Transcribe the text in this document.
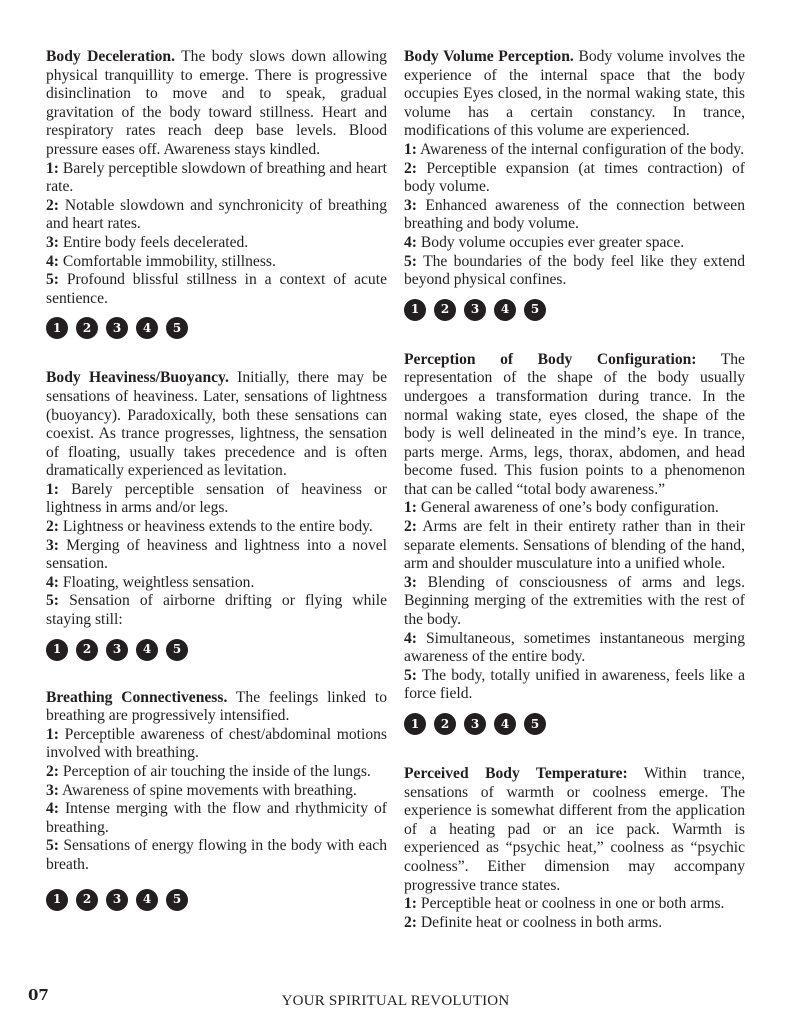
Body Deceleration. The body slows down allowing physical tranquillity to emerge. There is progressive disinclination to move and to speak, gradual gravitation of the body toward stillness. Heart and respiratory rates reach deep base levels. Blood pressure eases off. Awareness stays kindled.

1: Barely perceptible slowdown of breathing and heart rate.

2: Notable slowdown and synchronicity of breathing and heart rates.

3: Entire body feels decelerated.

4: Comfortable immobility, stillness.

5: Profound blissful stillness in a context of acute sentience.

1	2	3	4	5

Body Heaviness/Buoyancy. Initially, there may be sensations of heaviness. Later, sensations of lightness (buoyancy). Paradoxically, both these sensations can coexist. As trance progresses, lightness, the sensation of floating, usually takes precedence and is often dramatically experienced as levitation.

1: Barely perceptible sensation of heaviness or lightness in arms and/or legs.

2: Lightness or heaviness extends to the entire body.

3: Merging of heaviness and lightness into a novel sensation.

4: Floating, weightless sensation.

5: Sensation of airborne drifting or flying while staying still:

1	2	3	4	5

Breathing Connectiveness. The feelings linked to breathing are progressively intensified.

1: Perceptible awareness of chest/abdominal motions involved with breathing.

2: Perception of air touching the inside of the lungs.

3: Awareness of spine movements with breathing.

4: Intense merging with the flow and rhythmicity of breathing.

5: Sensations of energy flowing in the body with each breath.

1	2	3	4	5

Body Volume Perception. Body volume involves the experience of the internal space that the body occupies Eyes closed, in the normal waking state, this volume has a certain constancy. In trance, modifications of this volume are experienced.

1: Awareness of the internal configuration of the body.

2: Perceptible expansion (at times contraction) of body volume.

3: Enhanced awareness of the connection between breathing and body volume.

4: Body volume occupies ever greater space.

5: The boundaries of the body feel like they extend beyond physical confines.

1	2	3	4	5

Perception of Body Configuration: The representation of the shape of the body usually undergoes a transformation during trance. In the normal waking state, eyes closed, the shape of the body is well delineated in the mind’s eye. In trance, parts merge. Arms, legs, thorax, abdomen, and head become fused. This fusion points to a phenomenon that can be called “total body awareness.”

1: General awareness of one’s body configuration.

2: Arms are felt in their entirety rather than in their separate elements. Sensations of blending of the hand, arm and shoulder musculature into a unified whole.

3: Blending of consciousness of arms and legs. Beginning merging of the extremities with the rest of the body.

4: Simultaneous, sometimes instantaneous merging awareness of the entire body.

5: The body, totally unified in awareness, feels like a force field.

1	2	3	4	5

Perceived Body Temperature: Within trance, sensations of warmth or coolness emerge. The experience is somewhat different from the application of a heating pad or an ice pack. Warmth is experienced as “psychic heat,” coolness as “psychic coolness”. Either dimension may accompany progressive trance states.

1: Perceptible heat or coolness in one or both arms.

2: Definite heat or coolness in both arms.

07	YOUR SPIRITUAL REVOLUTION
